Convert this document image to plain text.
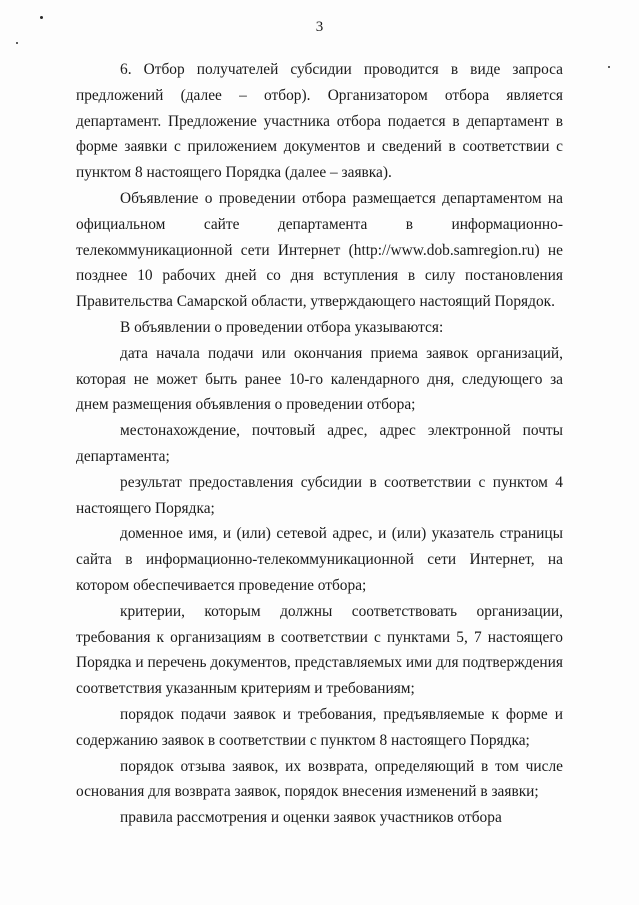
3

6. Отбор получателей субсидии проводится в виде запроса предложений (далее – отбор). Организатором отбора является департамент. Предложение участника отбора подается в департамент в форме заявки с приложением документов и сведений в соответствии с пунктом 8 настоящего Порядка (далее – заявка).

Объявление о проведении отбора размещается департаментом на официальном сайте департамента в информационно-телекоммуникационной сети Интернет (http://www.dob.samregion.ru) не позднее 10 рабочих дней со дня вступления в силу постановления Правительства Самарской области, утверждающего настоящий Порядок.

В объявлении о проведении отбора указываются:

дата начала подачи или окончания приема заявок организаций, которая не может быть ранее 10-го календарного дня, следующего за днем размещения объявления о проведении отбора;

местонахождение, почтовый адрес, адрес электронной почты департамента;

результат предоставления субсидии в соответствии с пунктом 4 настоящего Порядка;

доменное имя, и (или) сетевой адрес, и (или) указатель страницы сайта в информационно-телекоммуникационной сети Интернет, на котором обеспечивается проведение отбора;

критерии, которым должны соответствовать организации, требования к организациям в соответствии с пунктами 5, 7 настоящего Порядка и перечень документов, представляемых ими для подтверждения соответствия указанным критериям и требованиям;

порядок подачи заявок и требования, предъявляемые к форме и содержанию заявок в соответствии с пунктом 8 настоящего Порядка;

порядок отзыва заявок, их возврата, определяющий в том числе основания для возврата заявок, порядок внесения изменений в заявки;

правила рассмотрения и оценки заявок участников отбора
